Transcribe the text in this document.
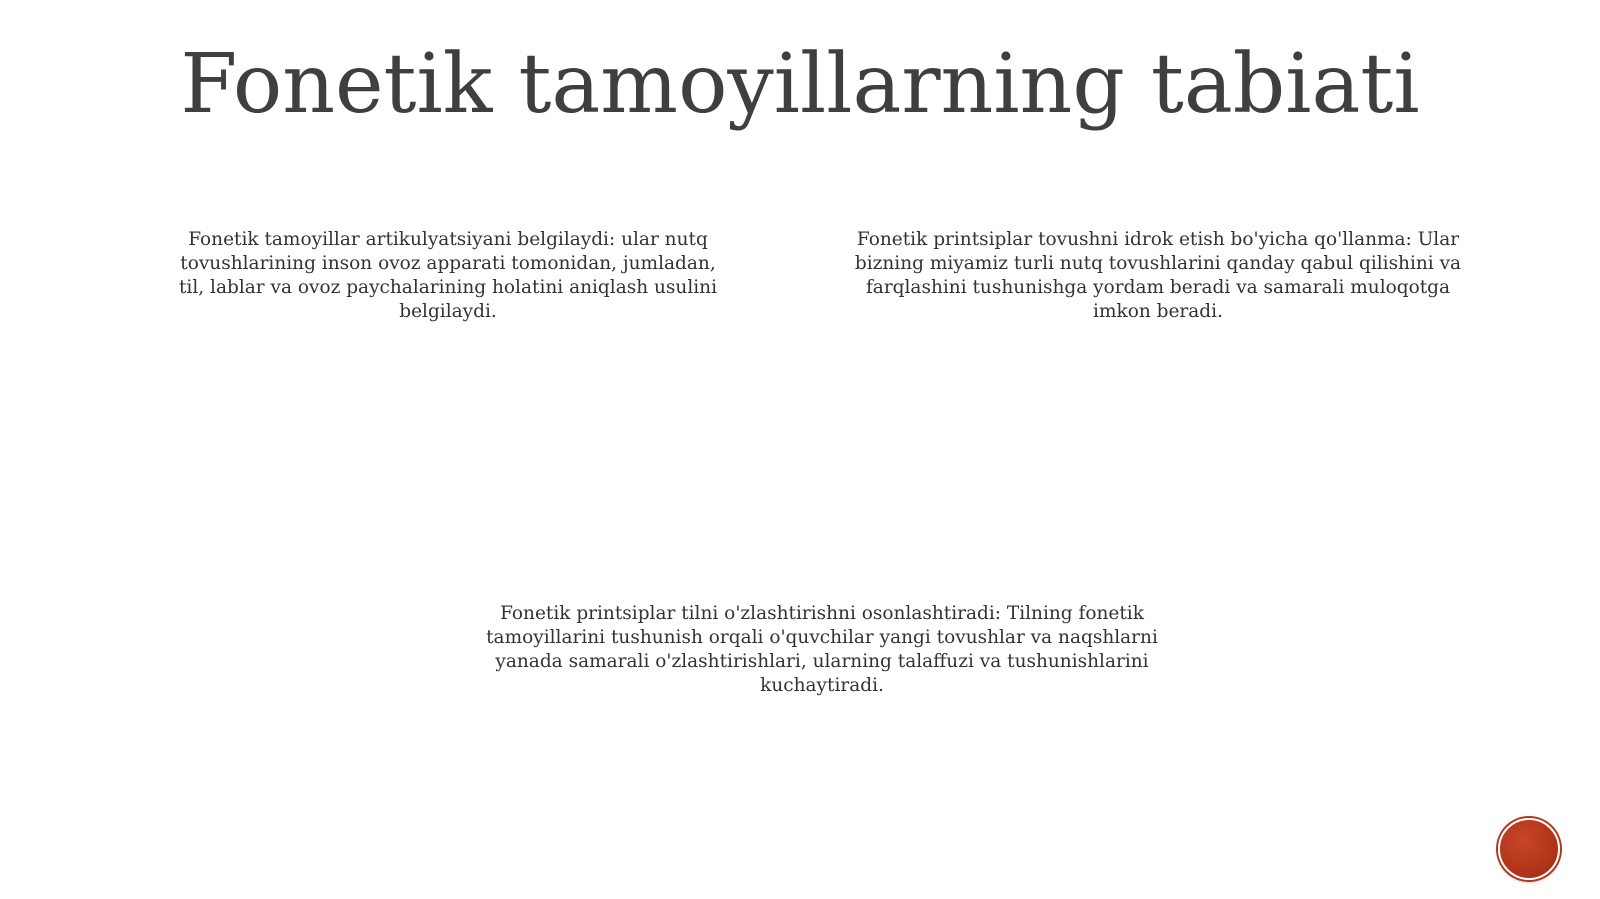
Fonetik tamoyillarning tabiati
Fonetik tamoyillar artikulyatsiyani belgilaydi: ular nutq tovushlarining inson ovoz apparati tomonidan, jumladan, til, lablar va ovoz paychalarining holatini aniqlash usulini belgilaydi.
Fonetik printsiplar tovushni idrok etish bo'yicha qo'llanma: Ular bizning miyamiz turli nutq tovushlarini qanday qabul qilishini va farqlashini tushunishga yordam beradi va samarali muloqotga imkon beradi.
Fonetik printsiplar tilni o'zlashtirishni osonlashtiradi: Tilning fonetik tamoyillarini tushunish orqali o'quvchilar yangi tovushlar va naqshlarni yanada samarali o'zlashtirishlari, ularning talaffuzi va tushunishlarini kuchaytiradi.
